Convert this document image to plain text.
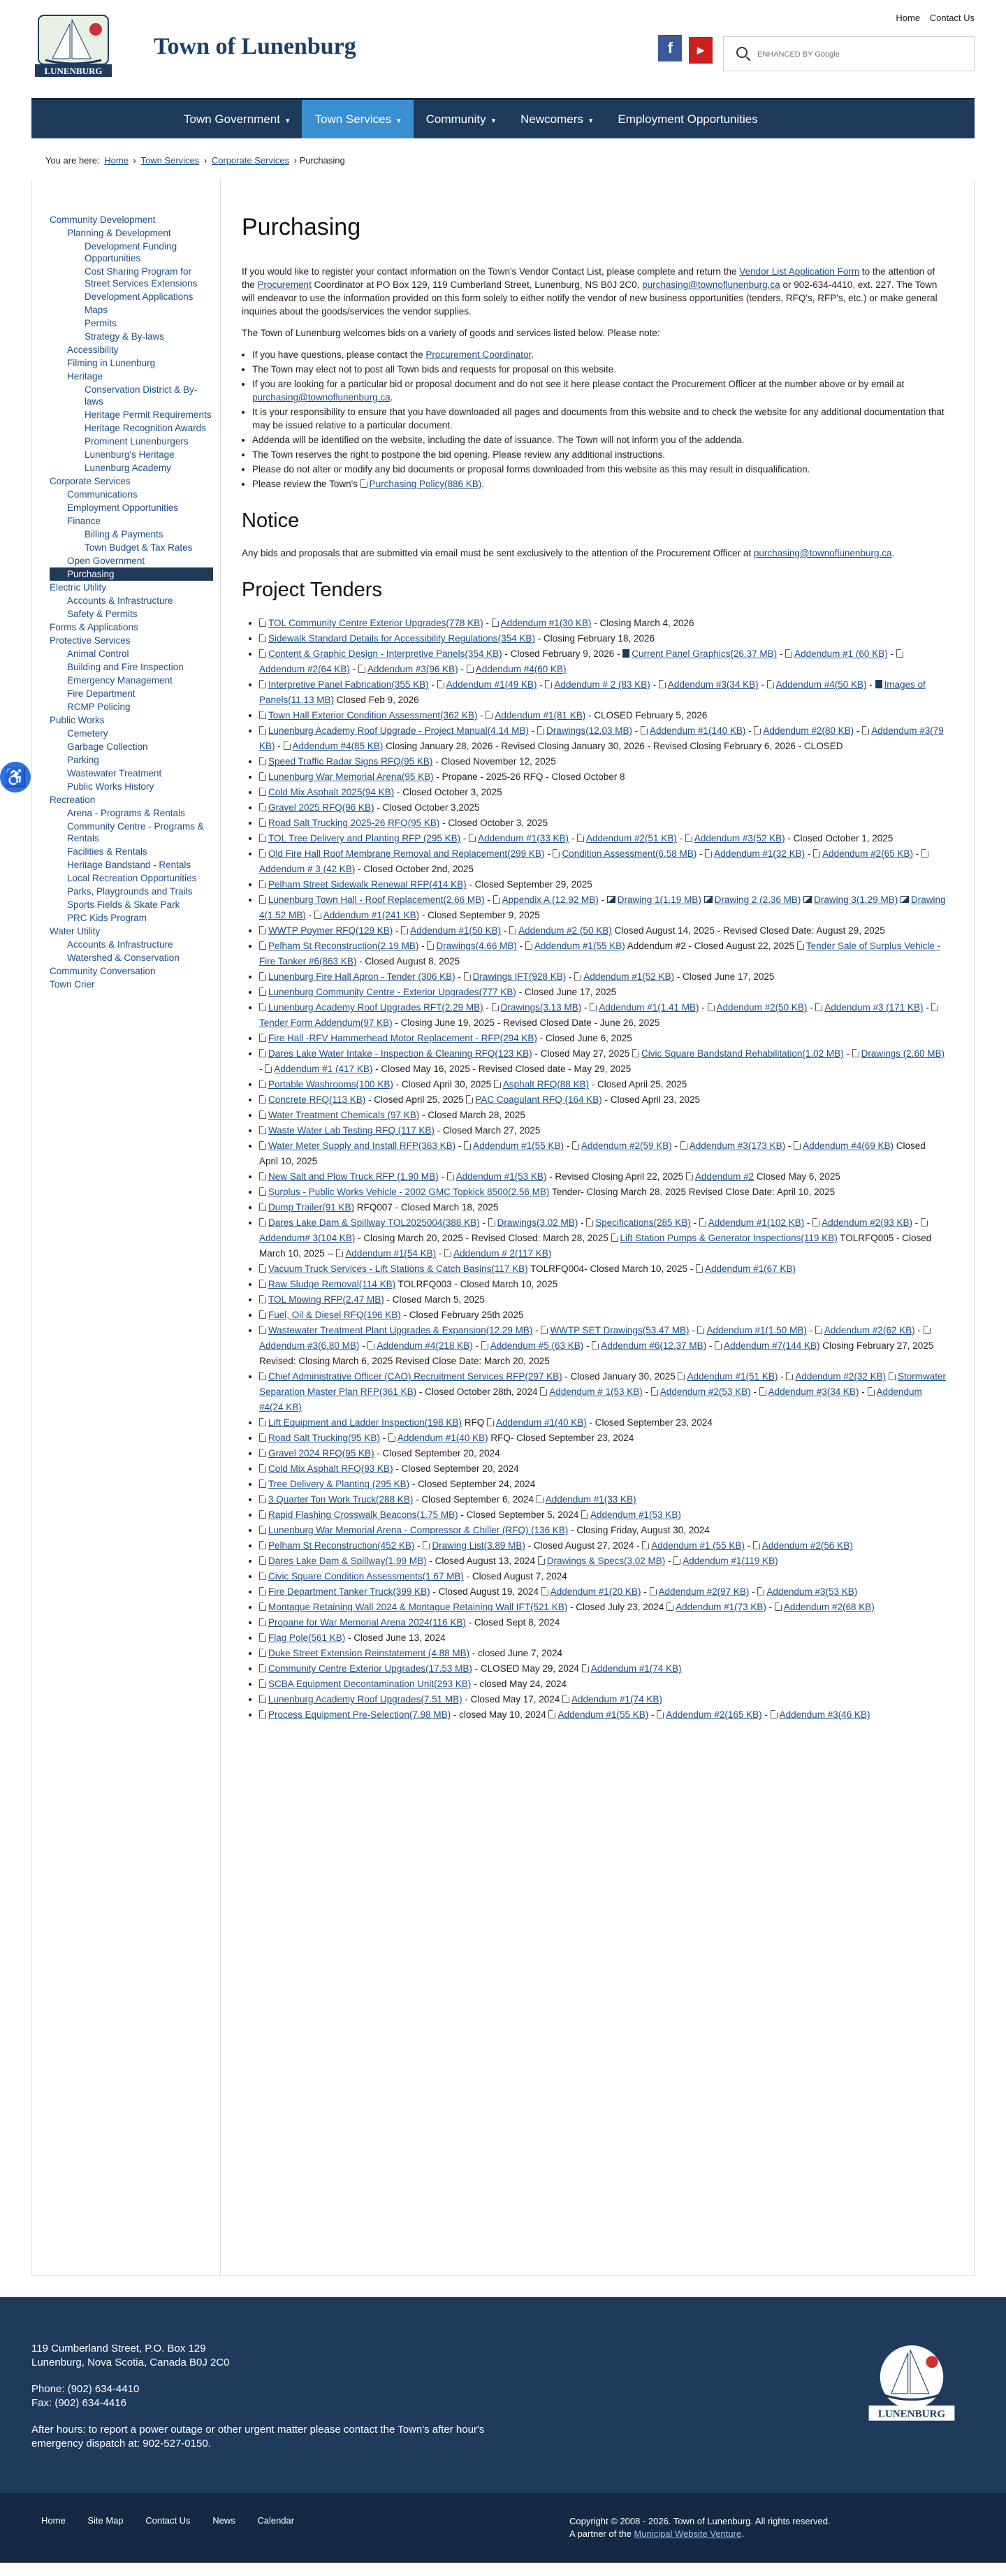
LUNENBURG
Town of Lunenburg
Home Contact Us
f	▶
ENHANCED BY Google
Town Government ▾	Town Services ▾	Community ▾	Newcomers ▾	Employment Opportunities
You are here: Home › Town Services › Corporate Services › Purchasing
♿
Community Development
Planning & Development
Development Funding Opportunities
Cost Sharing Program for Street Services Extensions
Development Applications
Maps
Permits
Strategy & By-laws
Accessibility
Filming in Lunenburg
Heritage
Conservation District & By-laws
Heritage Permit Requirements
Heritage Recognition Awards
Prominent Lunenburgers
Lunenburg's Heritage
Lunenburg Academy
Corporate Services
Communications
Employment Opportunities
Finance
Billing & Payments
Town Budget & Tax Rates
Open Government
Purchasing
Electric Utility
Accounts & Infrastructure
Safety & Permits
Forms & Applications
Protective Services
Animal Control
Building and Fire Inspection
Emergency Management
Fire Department
RCMP Policing
Public Works
Cemetery
Garbage Collection
Parking
Wastewater Treatment
Public Works History
Recreation
Arena - Programs & Rentals
Community Centre - Programs & Rentals
Facilities & Rentals
Heritage Bandstand - Rentals
Local Recreation Opportunities
Parks, Playgrounds and Trails
Sports Fields & Skate Park
PRC Kids Program
Water Utility
Accounts & Infrastructure
Watershed & Conservation
Community Conversation
Town Crier
Purchasing

If you would like to register your contact information on the Town's Vendor Contact List, please complete and return the Vendor List Application Form to the attention of the Procurement Coordinator at PO Box 129, 119 Cumberland Street, Lunenburg, NS B0J 2C0, purchasing@townoflunenburg.ca or 902-634-4410, ext. 227. The Town will endeavor to use the information provided on this form solely to either notify the vendor of new business opportunities (tenders, RFQ's, RFP's, etc.) or make general inquiries about the goods/services the vendor supplies.

The Town of Lunenburg welcomes bids on a variety of goods and services listed below. Please note:

• If you have questions, please contact the Procurement Coordinator.
• The Town may elect not to post all Town bids and requests for proposal on this website.
• If you are looking for a particular bid or proposal document and do not see it here please contact the Procurement Officer at the number above or by email at purchasing@townoflunenburg.ca.
• It is your responsibility to ensure that you have downloaded all pages and documents from this website and to check the website for any additional documentation that may be issued relative to a particular document.
• Addenda will be identified on the website, including the date of issuance. The Town will not inform you of the addenda.
• The Town reserves the right to postpone the bid opening. Please review any additional instructions.
• Please do not alter or modify any bid documents or proposal forms downloaded from this website as this may result in disqualification.
• Please review the Town's Purchasing Policy(886 KB).
Notice

Any bids and proposals that are submitted via email must be sent exclusively to the attention of the Procurement Officer at purchasing@townoflunenburg.ca.

Project Tenders
• TOL Community Centre Exterior Upgrades(778 KB) - Addendum #1(30 KB) - Closing March 4, 2026
• Sidewalk Standard Details for Accessibility Regulations(354 KB) - Closing February 18, 2026
• Content & Graphic Design - Interpretive Panels(354 KB) - Closed February 9, 2026 - Current Panel Graphics(26.37 MB) - Addendum #1 (60 KB) - Addendum #2(64 KB) - Addendum #3(96 KB) - Addendum #4(60 KB)
• Interpretive Panel Fabrication(355 KB) - Addendum #1(49 KB) - Addendum # 2 (83 KB) - Addendum #3(34 KB) - Addendum #4(50 KB) - Images of Panels(11.13 MB) Closed Feb 9, 2026
• Town Hall Exterior Condition Assessment(362 KB) - Addendum #1(81 KB) - CLOSED February 5, 2026
• Lunenburg Academy Roof Upgrade - Project Manual(4.14 MB) - Drawings(12.03 MB) - Addendum #1(140 KB) - Addendum #2(80 KB) - Addendum #3(79 KB) - Addendum #4(85 KB) Closing January 28, 2026 - Revised Closing January 30, 2026 - Revised Closing February 6, 2026 - CLOSED
• Speed Traffic Radar Signs RFQ(95 KB) - Closed November 12, 2025
• Lunenburg War Memorial Arena(95 KB) - Propane - 2025-26 RFQ - Closed October 8
• Cold Mix Asphalt 2025(94 KB) - Closed October 3, 2025
• Gravel 2025 RFQ(96 KB) - Closed October 3,2025
• Road Salt Trucking 2025-26 RFQ(95 KB) - Closed October 3, 2025
• TOL Tree Delivery and Planting RFP (295 KB) - Addendum #1(33 KB) - Addendum #2(51 KB) - Addendum #3(52 KB) - Closed October 1, 2025
• Old Fire Hall Roof Membrane Removal and Replacement(299 KB) - Condition Assessment(6.58 MB) - Addendum #1(32 KB) - Addendum #2(65 KB) - Addendum # 3 (42 KB) - Closed October 2nd, 2025
• Pelham Street Sidewalk Renewal RFP(414 KB) - Closed September 29, 2025
• Lunenburg Town Hall - Roof Replacement(2.66 MB) - Appendix A (12.92 MB) - Drawing 1(1.19 MB) Drawing 2 (2.36 MB) Drawing 3(1.29 MB) Drawing 4(1.52 MB) - Addendum #1(241 KB) - Closed September 9, 2025
• WWTP Poymer RFQ(129 KB) - Addendum #1(50 KB) - Addendum #2 (50 KB) Closed August 14, 2025 - Revised Closed Date: August 29, 2025
• Pelham St Reconstruction(2.19 MB) - Drawings(4.66 MB) - Addendum #1(55 KB) Addendum #2 - Closed August 22, 2025 Tender Sale of Surplus Vehicle - Fire Tanker #6(863 KB) - Closed August 8, 2025
• Lunenburg Fire Hall Apron - Tender (306 KB) - Drawings IFT(928 KB) - Addendum #1(52 KB) - Closed June 17, 2025
• Lunenburg Community Centre - Exterior Upgrades(777 KB) - Closed June 17, 2025
• Lunenburg Academy Roof Upgrades RFT(2.29 MB) - Drawings(3.13 MB) - Addendum #1(1.41 MB) - Addendum #2(50 KB) - Addendum #3 (171 KB) - Tender Form Addendum(97 KB) - Closing June 19, 2025 - Revised Closed Date - June 26, 2025
• Fire Hall -RFV Hammerhead Motor Replacement - RFP(294 KB) - Closed June 6, 2025
• Dares Lake Water Intake - Inspection & Cleaning RFQ(123 KB) - Closed May 27, 2025 Civic Square Bandstand Rehabilitation(1.02 MB) - Drawings (2.60 MB) - Addendum #1 (417 KB) - Closed May 16, 2025 - Revised Closed date - May 29, 2025
• Portable Washrooms(100 KB) - Closed April 30, 2025 Asphalt RFQ(88 KB) - Closed April 25, 2025
• Concrete RFQ(113 KB) - Closed April 25, 2025 PAC Coagulant RFQ (164 KB) - Closed April 23, 2025
• Water Treatment Chemicals (97 KB) - Closed March 28, 2025
• Waste Water Lab Testing RFQ (117 KB) - Closed March 27, 2025
• Water Meter Supply and Install RFP(363 KB) - Addendum #1(55 KB) - Addendum #2(59 KB) - Addendum #3(173 KB) - Addendum #4(69 KB) Closed April 10, 2025
• New Salt and Plow Truck RFP (1.90 MB) - Addendum #1(53 KB) - Revised Closing April 22, 2025 Addendum #2 Closed May 6, 2025
• Surplus - Public Works Vehicle - 2002 GMC Topkick 8500(2.56 MB) Tender- Closing March 28. 2025 Revised Close Date: April 10, 2025
• Dump Trailer(91 KB) RFQ007 - Closed March 18, 2025
• Dares Lake Dam & Spillway TOL2025004(388 KB) - Drawings(3.02 MB) - Specifications(285 KB) - Addendum #1(102 KB) - Addendum #2(93 KB) - Addendum# 3(104 KB) - Closing March 20, 2025 - Revised Closed: March 28, 2025 Lift Station Pumps & Generator Inspections(119 KB) TOLRFQ005 - Closed March 10, 2025 -- Addendum #1(54 KB) - Addendum # 2(117 KB)
• Vacuum Truck Services - Lift Stations & Catch Basins(117 KB) TOLRFQ004- Closed March 10, 2025 - Addendum #1(67 KB)
• Raw Sludge Removal(114 KB) TOLRFQ003 - Closed March 10, 2025
• TOL Mowing RFP(2.47 MB) - Closed March 5, 2025
• Fuel, Oil & Diesel RFQ(196 KB) - Closed February 25th 2025
• Wastewater Treatment Plant Upgrades & Expansion(12.29 MB) - WWTP SET Drawings(53.47 MB) - Addendum #1(1.50 MB) - Addendum #2(62 KB) - Addendum #3(6.80 MB) - Addendum #4(218 KB) - Addendum #5 (63 KB) - Addendum #6(12.37 MB) - Addendum #7(144 KB) Closing February 27, 2025 Revised: Closing March 6, 2025 Revised Close Date: March 20, 2025
• Chief Administrative Officer (CAO) Recruitment Services RFP(297 KB) - Closed January 30, 2025 Addendum #1(51 KB) - Addendum #2(32 KB) Stormwater Separation Master Plan RFP(361 KB) - Closed October 28th, 2024 Addendum # 1(53 KB) - Addendum #2(53 KB) - Addendum #3(34 KB) - Addendum #4(24 KB)
• Lift Equipment and Ladder Inspection(198 KB) RFQ Addendum #1(40 KB) - Closed September 23, 2024
• Road Salt Trucking(95 KB) - Addendum #1(40 KB) RFQ- Closed September 23, 2024
• Gravel 2024 RFQ(95 KB) - Closed September 20, 2024
• Cold Mix Asphalt RFQ(93 KB) - Closed September 20, 2024
• Tree Delivery & Planting (295 KB) - Closed September 24, 2024
• 3 Quarter Ton Work Truck(288 KB) - Closed September 6, 2024 Addendum #1(33 KB)
• Rapid Flashing Crosswalk Beacons(1.75 MB) - Closed September 5, 2024 Addendum #1(53 KB)
• Lunenburg War Memorial Arena - Compressor & Chiller (RFQ) (136 KB) - Closing Friday, August 30, 2024
• Pelham St Reconstruction(452 KB) - Drawing List(3.89 MB) - Closed August 27, 2024 - Addendum #1 (55 KB) - Addendum #2(56 KB)
• Dares Lake Dam & Spillway(1.99 MB) - Closed August 13, 2024 Drawings & Specs(3.02 MB) - Addendum #1(119 KB)
• Civic Square Condition Assessments(1.67 MB) - Closed August 7, 2024
• Fire Department Tanker Truck(399 KB) - Closed August 19, 2024 Addendum #1(20 KB) - Addendum #2(97 KB) - Addendum #3(53 KB)
• Montague Retaining Wall 2024 & Montague Retaining Wall IFT(521 KB) - Closed July 23, 2024 Addendum #1(73 KB) - Addendum #2(68 KB)
• Propane for War Memorial Arena 2024(116 KB) - Closed Sept 8, 2024
• Flag Pole(561 KB) - Closed June 13, 2024
• Duke Street Extension Reinstatement (4.88 MB) - closed June 7, 2024
• Community Centre Exterior Upgrades(17.53 MB) - CLOSED May 29, 2024 Addendum #1(74 KB)
• SCBA Equipment Decontamination Unit(293 KB) - closed May 24, 2024
• Lunenburg Academy Roof Upgrades(7.51 MB) - Closed May 17, 2024 Addendum #1(74 KB)
• Process Equipment Pre-Selection(7.98 MB) - closed May 10, 2024 Addendum #1(55 KB) - Addendum #2(165 KB) - Addendum #3(46 KB)

119 Cumberland Street, P.O. Box 129
Lunenburg, Nova Scotia, Canada B0J 2C0

Phone: (902) 634-4410
Fax: (902) 634-4416

After hours: to report a power outage or other urgent matter please contact the Town's after hour's emergency dispatch at: 902-527-0150.

LUNENBURG
Home Site Map Contact Us News Calendar	Copyright © 2008 - 2026. Town of Lunenburg. All rights reserved.
A partner of the Municipal Website Venture.
